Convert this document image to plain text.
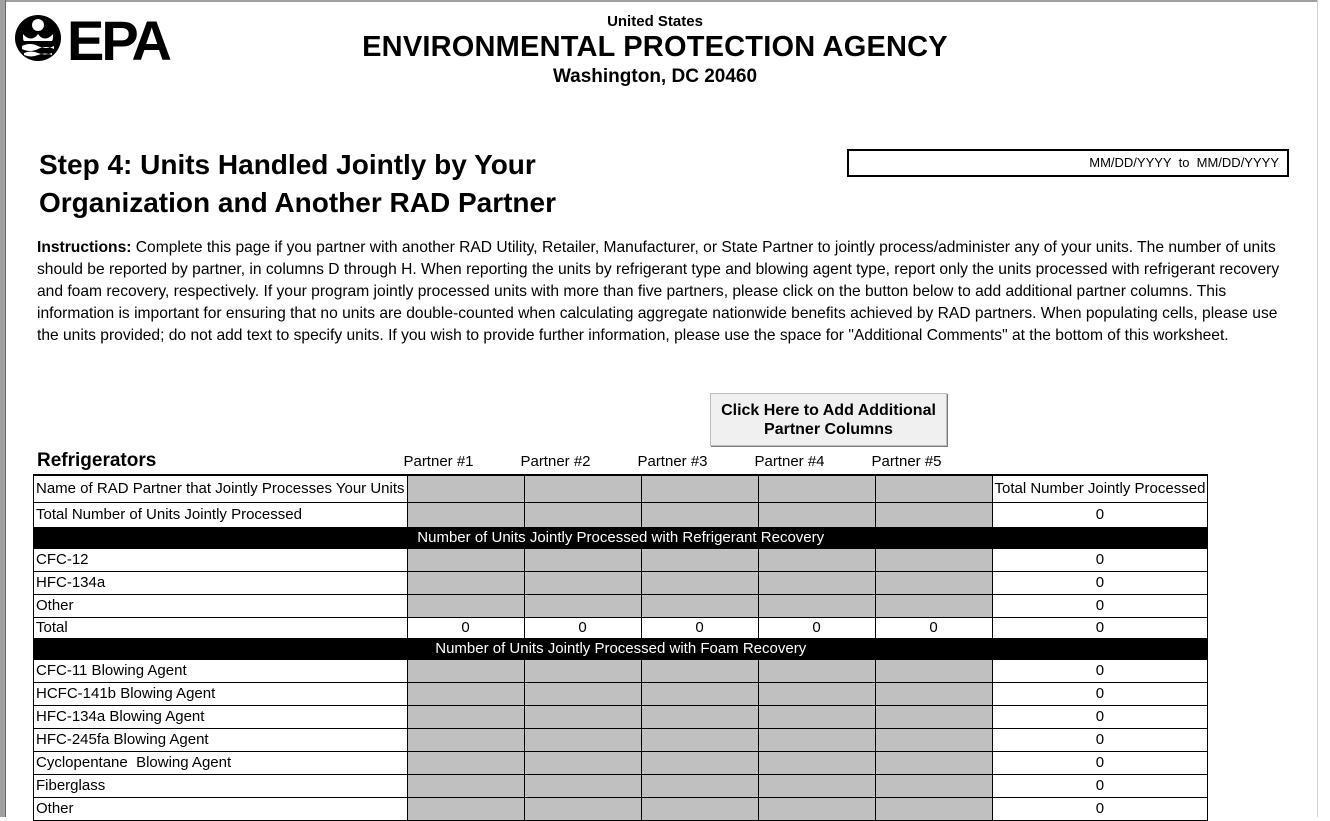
EPA	United States
ENVIRONMENTAL PROTECTION AGENCY
Washington, DC 20460
Step 4: Units Handled Jointly by Your
Organization and Another RAD Partner
MM/DD/YYYY  to  MM/DD/YYYY
Instructions: Complete this page if you partner with another RAD Utility, Retailer, Manufacturer, or State Partner to jointly process/administer any of your units. The number of units should be reported by partner, in columns D through H. When reporting the units by refrigerant type and blowing agent type, report only the units processed with refrigerant recovery and foam recovery, respectively. If your program jointly processed units with more than five partners, please click on the button below to add additional partner columns. This information is important for ensuring that no units are double-counted when calculating aggregate nationwide benefits achieved by RAD partners. When populating cells, please use the units provided; do not add text to specify units. If you wish to provide further information, please use the space for "Additional Comments" at the bottom of this worksheet.
Click Here to Add Additional
Partner Columns
Refrigerators	Partner #1	Partner #2	Partner #3	Partner #4	Partner #5
Name of RAD Partner that Jointly Processes Your Units						Total Number Jointly Processed
Total Number of Units Jointly Processed						0
Number of Units Jointly Processed with Refrigerant Recovery						
CFC-12						0
HFC-134a						0
Other						0
Total	0	0	0	0	0	0
Number of Units Jointly Processed with Foam Recovery						
CFC-11 Blowing Agent						0
HCFC-141b Blowing Agent						0
HFC-134a Blowing Agent						0
HFC-245fa Blowing Agent						0
Cyclopentane  Blowing Agent						0
Fiberglass						0
Other						0
